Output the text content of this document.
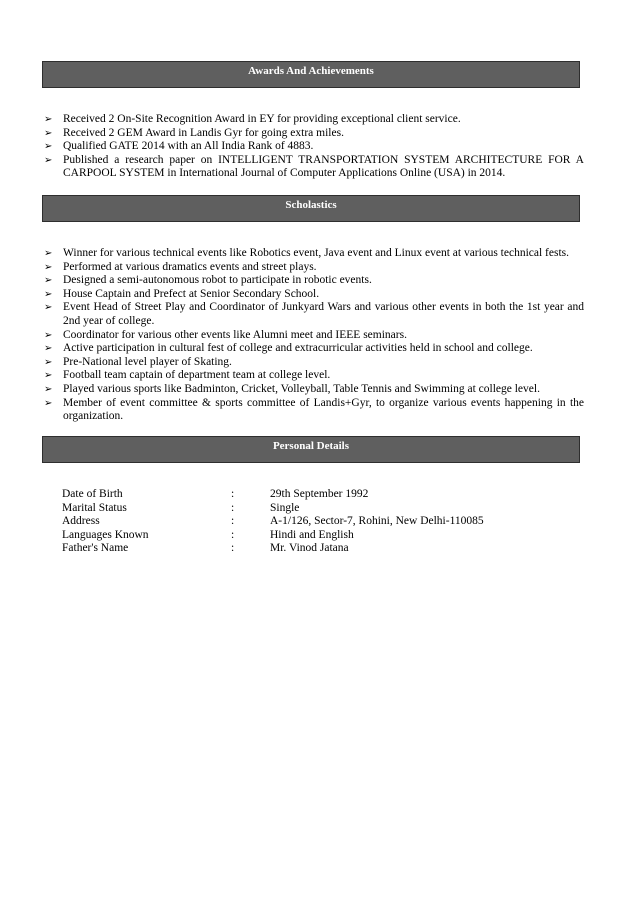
Awards And Achievements
➢ Received 2 On-Site Recognition Award in EY for providing exceptional client service.
➢ Received 2 GEM Award in Landis Gyr for going extra miles.
➢ Qualified GATE 2014 with an All India Rank of 4883.
➢ Published a research paper on INTELLIGENT TRANSPORTATION SYSTEM ARCHITECTURE FOR A CARPOOL SYSTEM in International Journal of Computer Applications Online (USA) in 2014.
Scholastics
➢ Winner for various technical events like Robotics event, Java event and Linux event at various technical fests.
➢ Performed at various dramatics events and street plays.
➢ Designed a semi-autonomous robot to participate in robotic events.
➢ House Captain and Prefect at Senior Secondary School.
➢ Event Head of Street Play and Coordinator of Junkyard Wars and various other events in both the 1st year and 2nd year of college.
➢ Coordinator for various other events like Alumni meet and IEEE seminars.
➢ Active participation in cultural fest of college and extracurricular activities held in school and college.
➢ Pre-National level player of Skating.
➢ Football team captain of department team at college level.
➢ Played various sports like Badminton, Cricket, Volleyball, Table Tennis and Swimming at college level.
➢ Member of event committee & sports committee of Landis+Gyr, to organize various events happening in the organization.
Personal Details
Date of Birth	:	29th September 1992
Marital Status	:	Single
Address	:	A-1/126, Sector-7, Rohini, New Delhi-110085
Languages Known	:	Hindi and English
Father's Name	:	Mr. Vinod Jatana
